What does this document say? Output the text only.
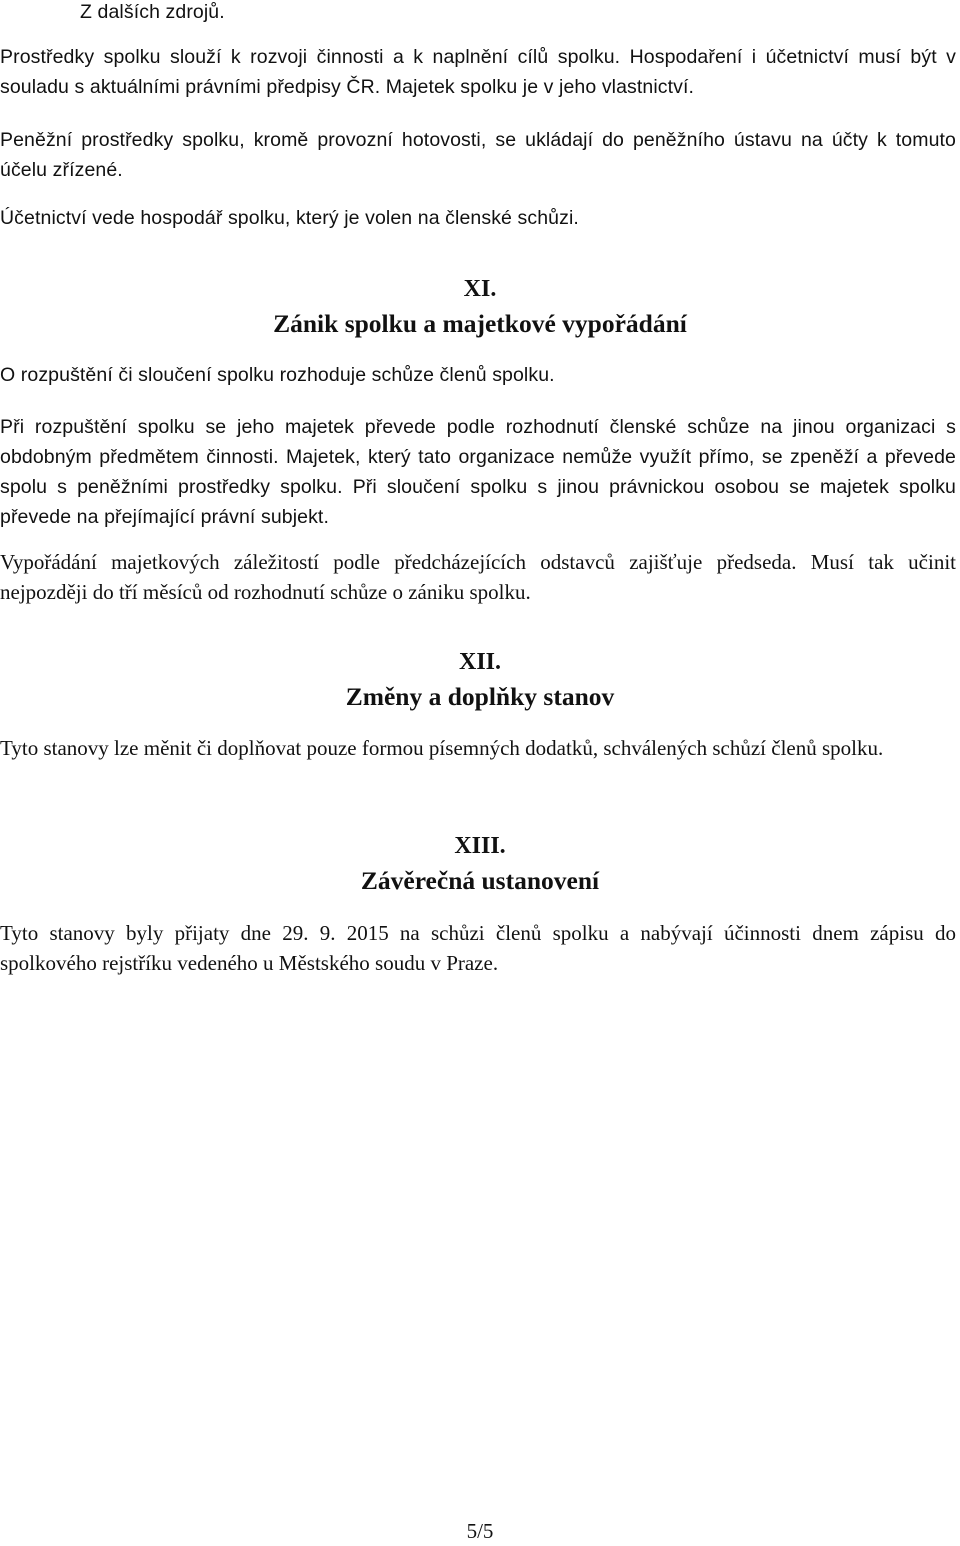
Z dalších zdrojů.

Prostředky spolku slouží k rozvoji činnosti a k naplnění cílů spolku. Hospodaření i účetnictví musí být v souladu s aktuálními právními předpisy ČR. Majetek spolku je v jeho vlastnictví.

Peněžní prostředky spolku, kromě provozní hotovosti, se ukládají do peněžního ústavu na účty k tomuto účelu zřízené.

Účetnictví vede hospodář spolku, který je volen na členské schůzi.

XI.
Zánik spolku a majetkové vypořádání

O rozpuštění či sloučení spolku rozhoduje schůze členů spolku.

Při rozpuštění spolku se jeho majetek převede podle rozhodnutí členské schůze na jinou organizaci s obdobným předmětem činnosti. Majetek, který tato organizace nemůže využít přímo, se zpeněží a převede spolu s peněžními prostředky spolku. Při sloučení spolku s jinou právnickou osobou se majetek spolku převede na přejímající právní subjekt.

Vypořádání majetkových záležitostí podle předcházejících odstavců zajišťuje předseda. Musí tak učinit nejpozději do tří měsíců od rozhodnutí schůze o zániku spolku.

XII.
Změny a doplňky stanov

Tyto stanovy lze měnit či doplňovat pouze formou písemných dodatků, schválených schůzí členů spolku.

XIII.
Závěrečná ustanovení

Tyto stanovy byly přijaty dne 29. 9. 2015 na schůzi členů spolku a nabývají účinnosti dnem zápisu do spolkového rejstříku vedeného u Městského soudu v Praze.

5/5
